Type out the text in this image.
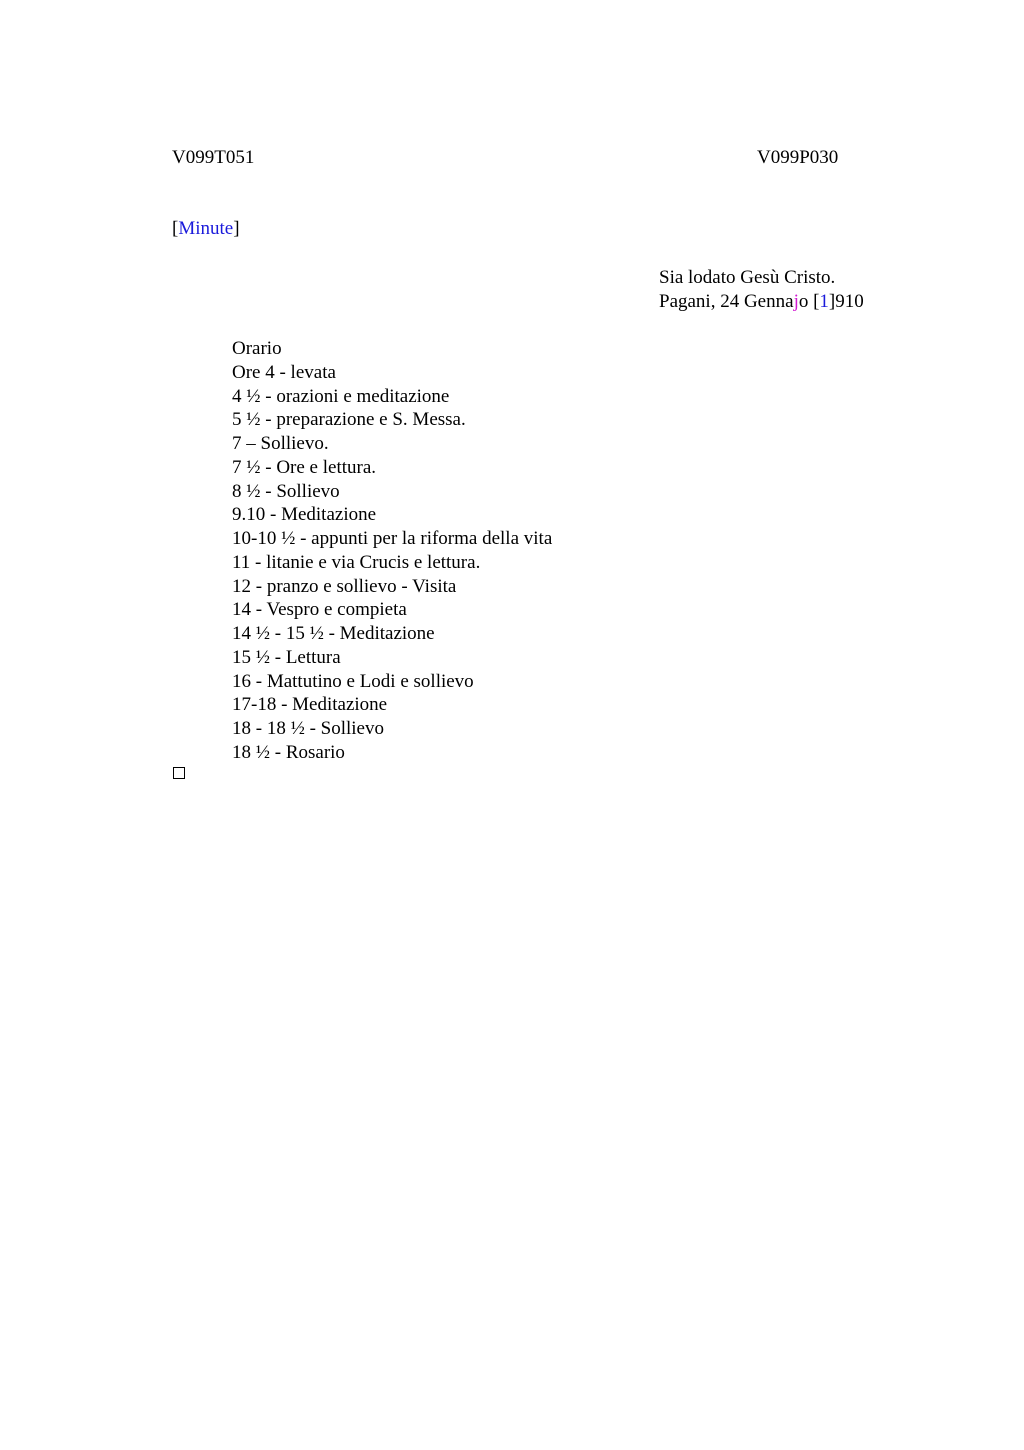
V099T051	V099P030
[Minute]
Sia lodato Gesù Cristo.
Pagani, 24 Gennajo [1]910
Orario
Ore 4 - levata
4 ½ - orazioni e meditazione
5 ½ - preparazione e S. Messa.
7 – Sollievo.
7 ½ - Ore e lettura.
8 ½ - Sollievo
9.10 - Meditazione
10-10 ½ - appunti per la riforma della vita
11 - litanie e via Crucis e lettura.
12 - pranzo e sollievo - Visita
14 - Vespro e compieta
14 ½ - 15 ½ - Meditazione
15 ½ - Lettura
16 - Mattutino e Lodi e sollievo
17-18 - Meditazione
18 - 18 ½ - Sollievo
18 ½ - Rosario
